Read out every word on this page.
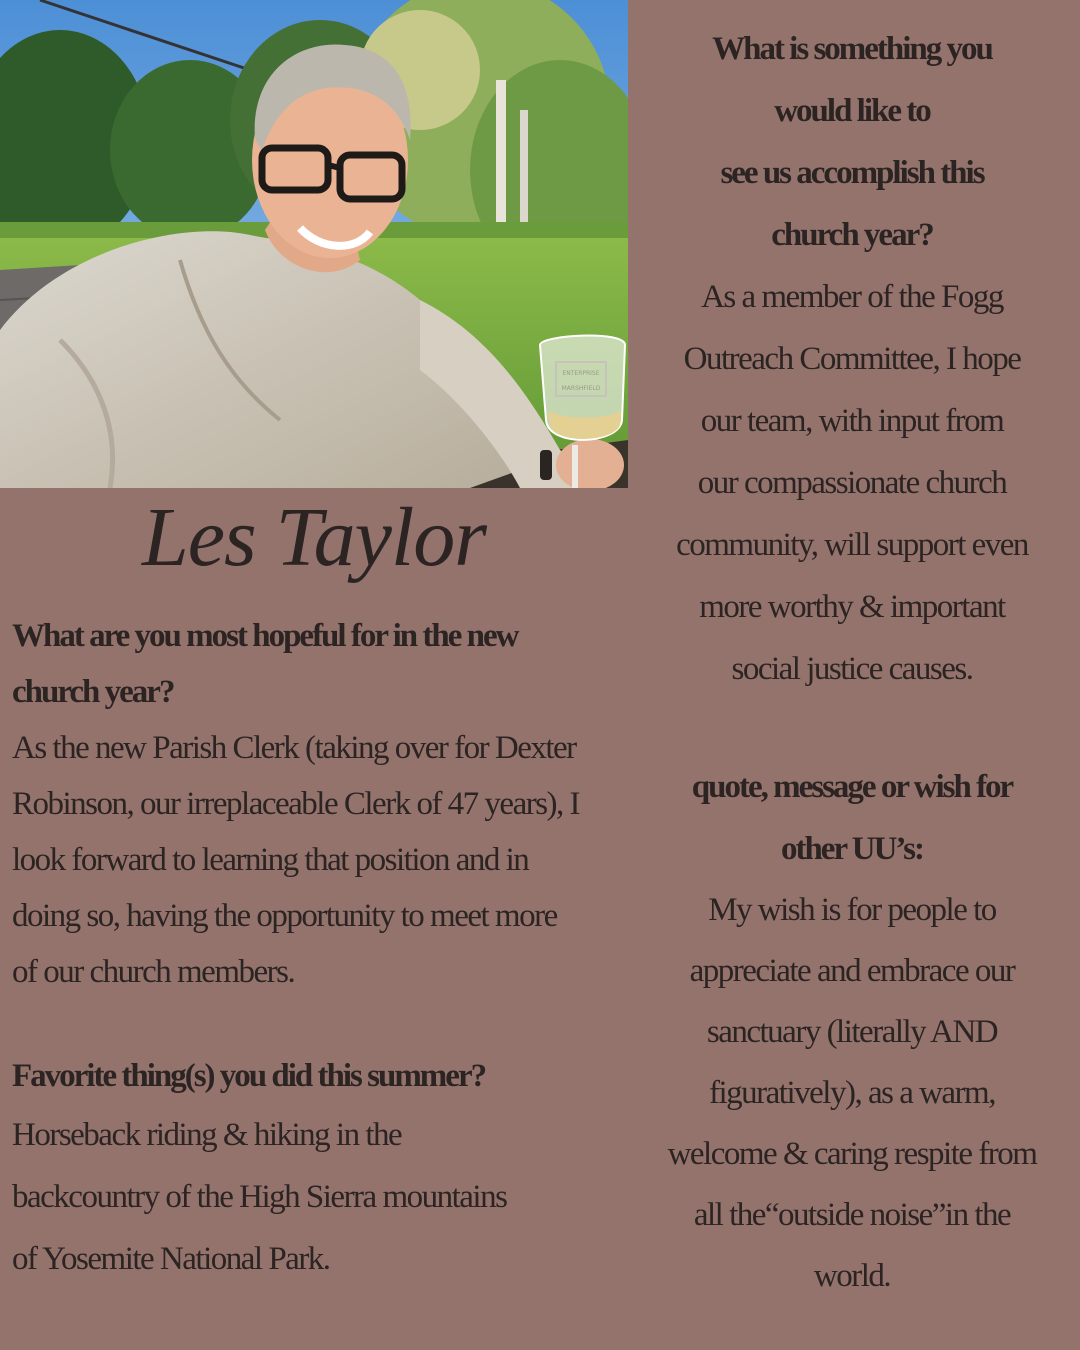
ENTERPRISE
MARSHFIELD
Les Taylor
What are you most hopeful for in the new
church year?
As the new Parish Clerk (taking over for Dexter
Robinson, our irreplaceable Clerk of 47 years), I
look forward to learning that position and in
doing so, having the opportunity to meet more
of our church members.
Favorite thing(s) you did this summer?
Horseback riding & hiking in the
backcountry of the High Sierra mountains
of Yosemite National Park.
What is something you
would like to
see us accomplish this
church year?
As a member of the Fogg
Outreach Committee, I hope
our team, with input from
our compassionate church
community, will support even
more worthy & important
social justice causes.
quote, message or wish for
other UU’s:
My wish is for people to
appreciate and embrace our
sanctuary (literally AND
figuratively), as a warm,
welcome & caring respite from
all the“outside noise”in the
world.
